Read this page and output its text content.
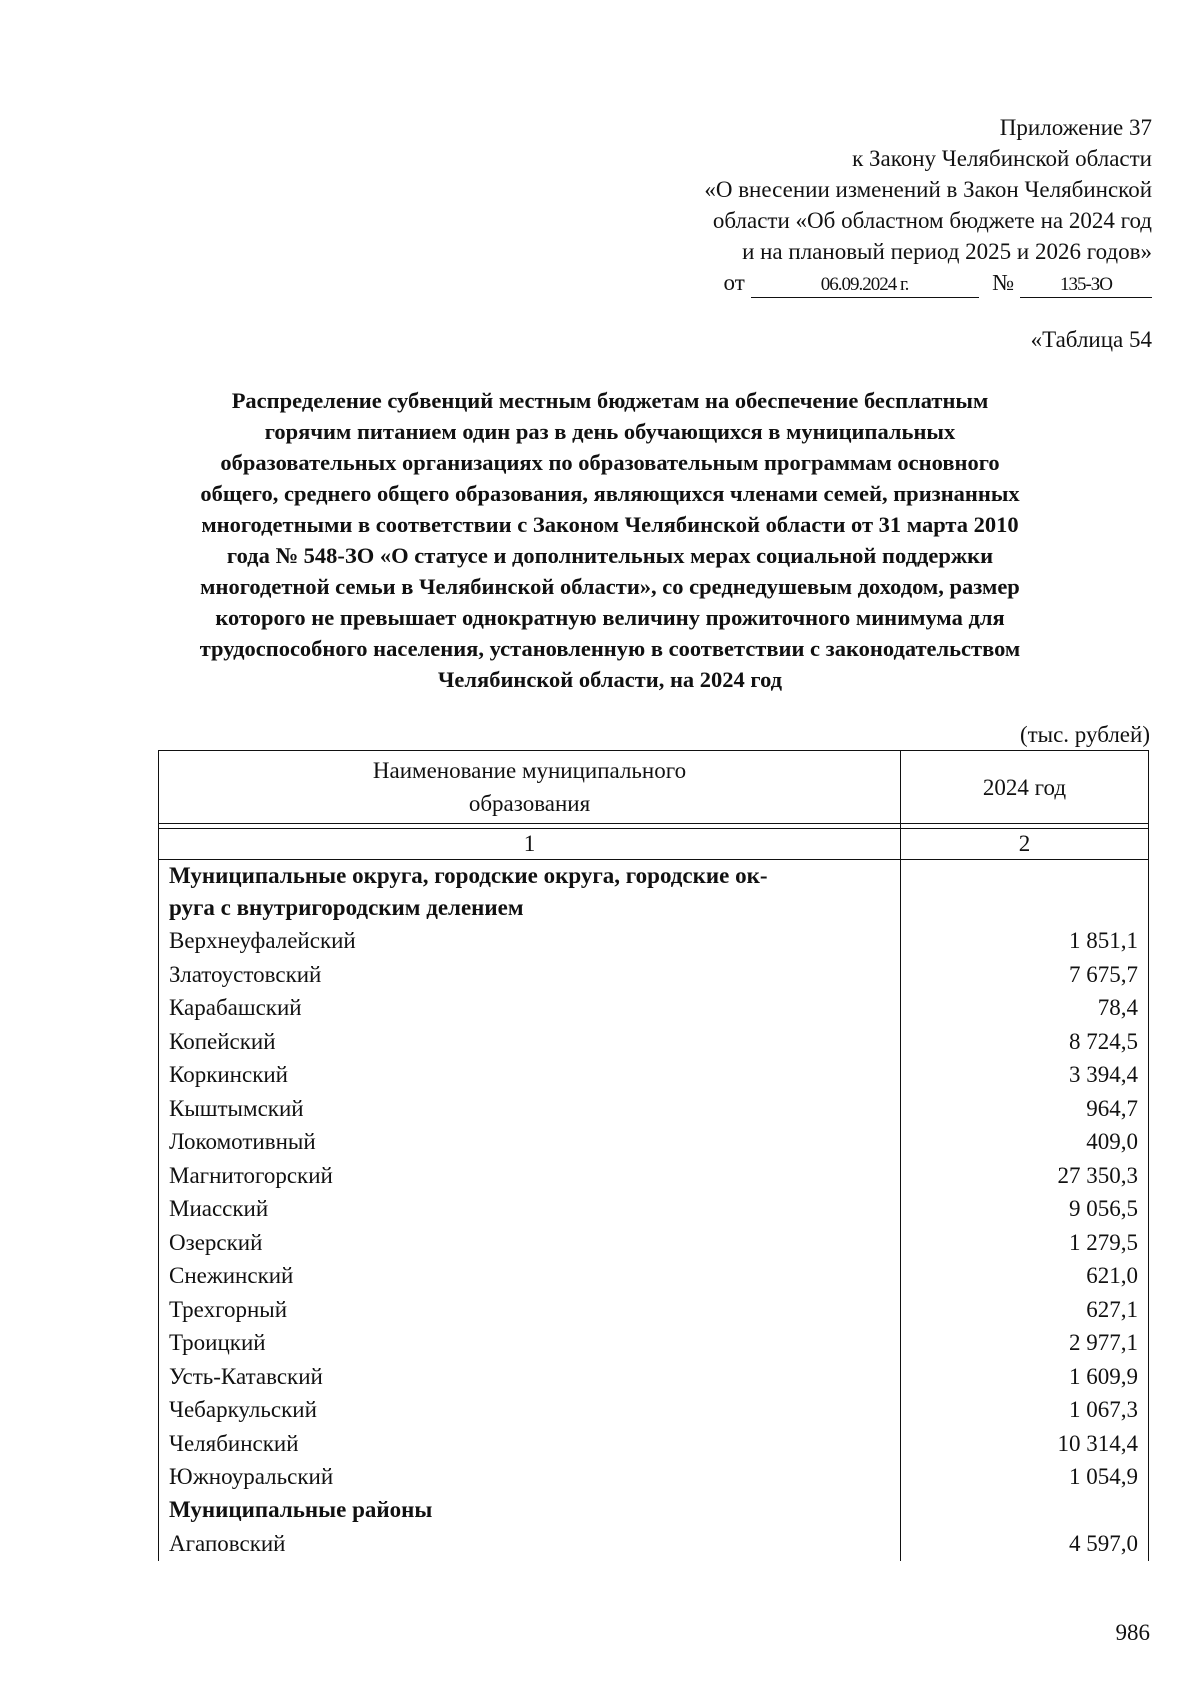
Приложение 37
к Закону Челябинской области
«О внесении изменений в Закон Челябинской
области «Об областном бюджете на 2024 год
и на плановый период 2025 и 2026 годов»
от	06.09.2024 г.	№ 135-ЗО
«Таблица 54
Распределение субвенций местным бюджетам на обеспечение бесплатным
горячим питанием один раз в день обучающихся в муниципальных
образовательных организациях по образовательным программам основного
общего, среднего общего образования, являющихся членами семей, признанных
многодетными в соответствии с Законом Челябинской области от 31 марта 2010
года № 548-ЗО «О статусе и дополнительных мерах социальной поддержки
многодетной семьи в Челябинской области», со среднедушевым доходом, размер
которого не превышает однократную величину прожиточного минимума для
трудоспособного населения, установленную в соответствии с законодательством
Челябинской области, на 2024 год
(тыс. рублей)
Наименование муниципального
образования	2024 год

1	2
Муниципальные округа, городские округа, городские ок-
руга с внутригородским делением	
Верхнеуфалейский	1 851,1
Златоустовский	7 675,7
Карабашский	78,4
Копейский	8 724,5
Коркинский	3 394,4
Кыштымский	964,7
Локомотивный	409,0
Магнитогорский	27 350,3
Миасский	9 056,5
Озерский	1 279,5
Снежинский	621,0
Трехгорный	627,1
Троицкий	2 977,1
Усть-Катавский	1 609,9
Чебаркульский	1 067,3
Челябинский	10 314,4
Южноуральский	1 054,9
Муниципальные районы	
Агаповский	4 597,0
986
